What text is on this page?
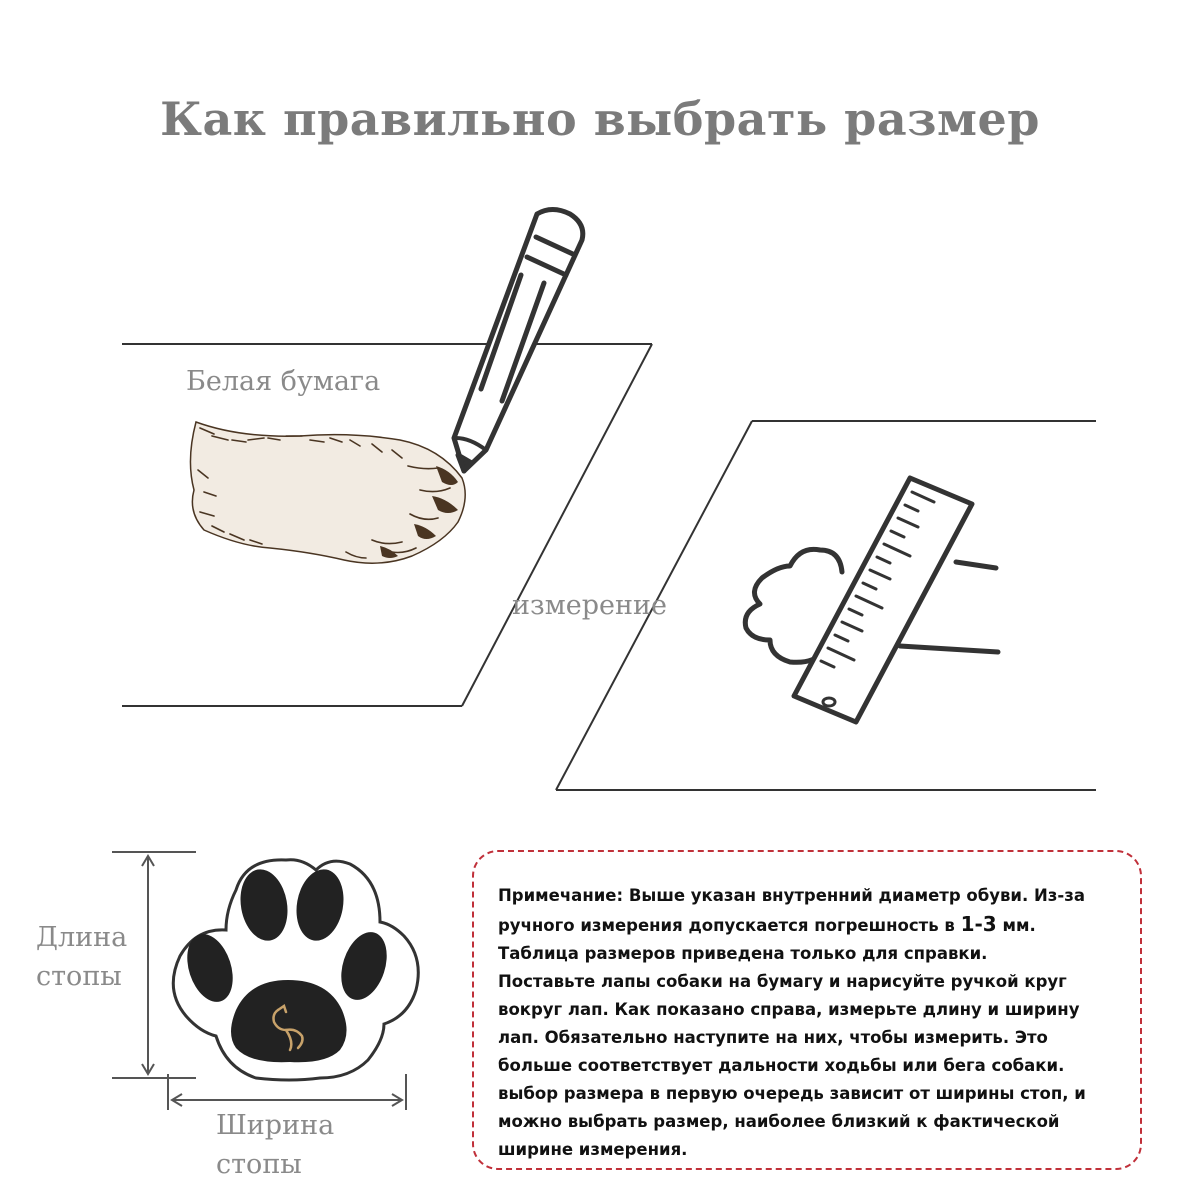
Как правильно выбрать размер
Белая бумага
измерение
Длина
стопы
Ширина
стопы
Примечание: Выше указан внутренний диаметр обуви. Из-за ручного измерения допускается погрешность в 1-3 мм. Таблица размеров приведена только для справки.
Поставьте лапы собаки на бумагу и нарисуйте ручкой круг вокруг лап. Как показано справа, измерьте длину и ширину лап. Обязательно наступите на них, чтобы измерить. Это больше соответствует дальности ходьбы или бега собаки. выбор размера в первую очередь зависит от ширины стоп, и можно выбрать размер, наиболее близкий к фактической ширине измерения.
